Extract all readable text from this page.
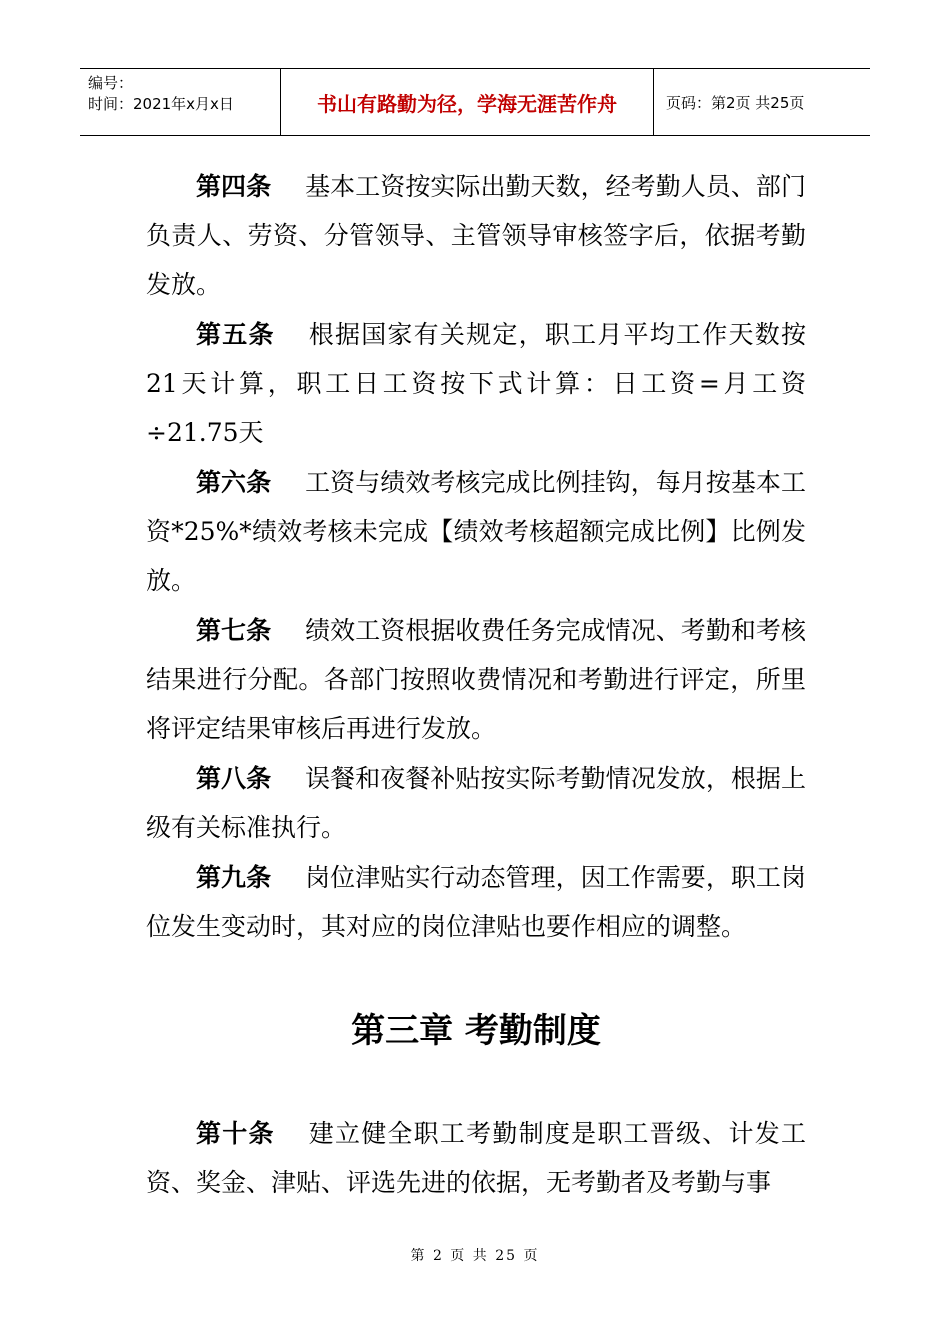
编号：
时间：2021年x月x日	书山有路勤为径，学海无涯苦作舟	页码：第2页 共25页

第四条 基本工资按实际出勤天数，经考勤人员、部门负责人、劳资、分管领导、主管领导审核签字后，依据考勤发放。

第五条 根据国家有关规定，职工月平均工作天数按21天计算，职工日工资按下式计算：日工资=月工资÷21.75天

第六条 工资与绩效考核完成比例挂钩，每月按基本工资*25%*绩效考核未完成【绩效考核超额完成比例】比例发放。

第七条 绩效工资根据收费任务完成情况、考勤和考核结果进行分配。各部门按照收费情况和考勤进行评定，所里将评定结果审核后再进行发放。

第八条 误餐和夜餐补贴按实际考勤情况发放，根据上级有关标准执行。

第九条 岗位津贴实行动态管理，因工作需要，职工岗位发生变动时，其对应的岗位津贴也要作相应的调整。

第三章 考勤制度

第十条 建立健全职工考勤制度是职工晋级、计发工资、奖金、津贴、评选先进的依据，无考勤者及考勤与事

第 2 页 共 25 页
